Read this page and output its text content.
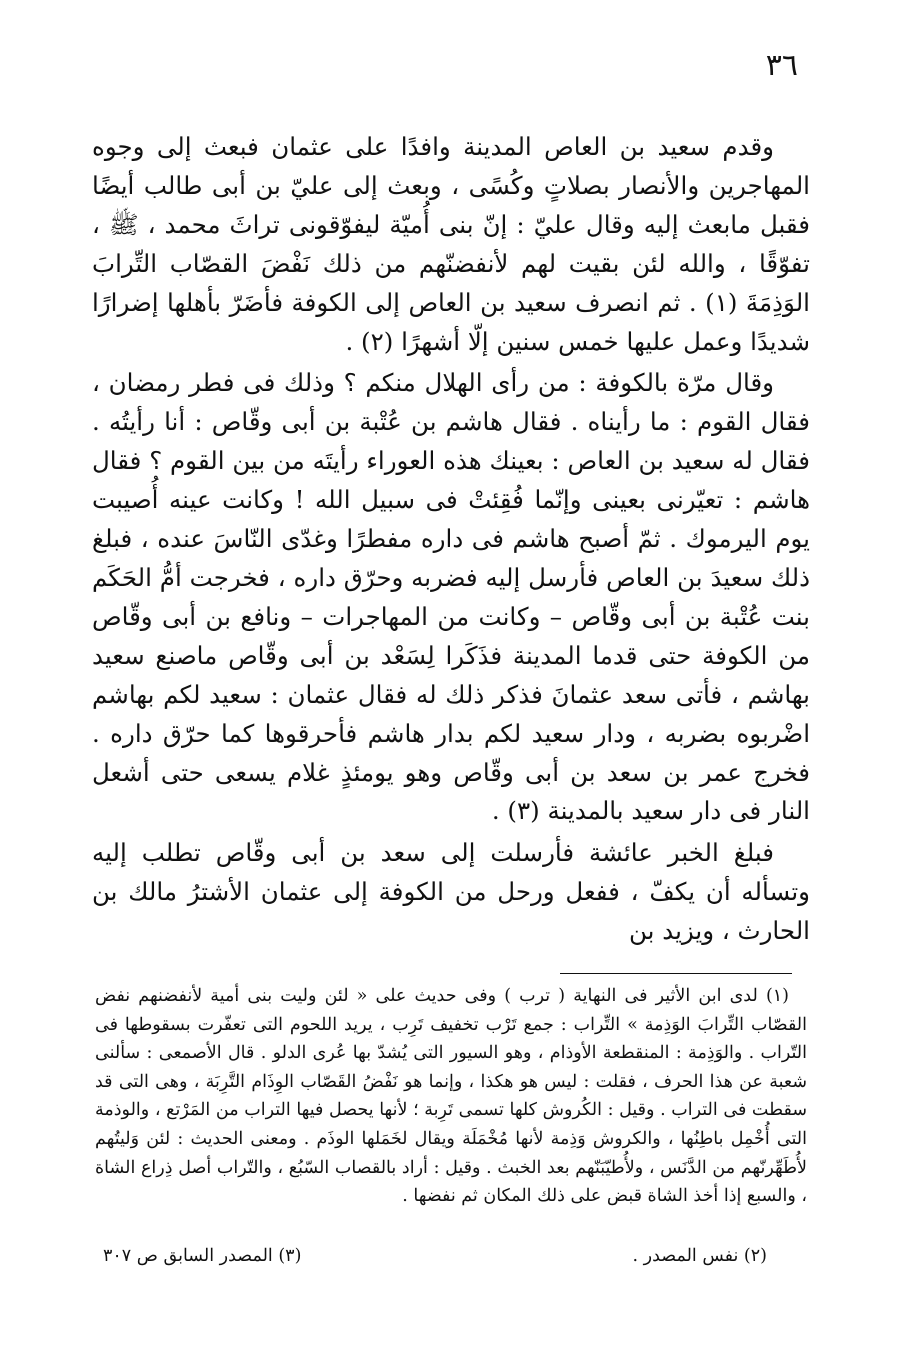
٣٦

وقدم سعيد بن العاص المدينة وافدًا على عثمان فبعث إلى وجوه المهاجرين والأنصار بصلاتٍ وكُسًى ، وبعث إلى عليّ بن أبى طالب أيضًا فقبل مابعث إليه وقال عليّ : إنّ بنى أُميّة ليفوّقونى تراثَ محمد ، ﷺ ، تفوّقًا ، والله لئن بقيت لهم لأنفضنّهم من ذلك نَفْضَ القصّاب التِّرابَ الوَذِمَةَ (١) . ثم انصرف سعيد بن العاص إلى الكوفة فأضَرّ بأهلها إضرارًا شديدًا وعمل عليها خمس سنين إلّا أشهرًا (٢) .

وقال مرّة بالكوفة : من رأى الهلال منكم ؟ وذلك فى فطر رمضان ، فقال القوم : ما رأيناه . فقال هاشم بن عُتْبة بن أبى وقّاص : أنا رأيتُه . فقال له سعيد بن العاص : بعينك هذه العوراء رأيتَه من بين القوم ؟ فقال هاشم : تعيّرنى بعينى وإنّما فُقِئتْ فى سبيل الله ! وكانت عينه أُصيبت يوم اليرموك . ثمّ أصبح هاشم فى داره مفطرًا وغدّى النّاسَ عنده ، فبلغ ذلك سعيدَ بن العاص فأرسل إليه فضربه وحرّق داره ، فخرجت أمُّ الحَكَم بنت عُتْبة بن أبى وقّاص – وكانت من المهاجرات – ونافع بن أبى وقّاص من الكوفة حتى قدما المدينة فذَكَرا لِسَعْد بن أبى وقّاص ماصنع سعيد بهاشم ، فأتى سعد عثمانَ فذكر ذلك له فقال عثمان : سعيد لكم بهاشم اضْربوه بضربه ، ودار سعيد لكم بدار هاشم فأحرقوها كما حرّق داره . فخرج عمر بن سعد بن أبى وقّاص وهو يومئذٍ غلام يسعى حتى أشعل النار فى دار سعيد بالمدينة (٣) .

فبلغ الخبر عائشة فأرسلت إلى سعد بن أبى وقّاص تطلب إليه وتسأله أن يكفّ ، ففعل ورحل من الكوفة إلى عثمان الأشترُ مالك بن الحارث ، ويزيد بن

(١) لدى ابن الأثير فى النهاية ( ترب ) وفى حديث على « لئن وليت بنى أمية لأنفضنهم نفض القصّاب التِّرابَ الوَذِمة » التِّراب : جمع تَرْب تخفيف تَرِب ، يريد اللحوم التى تعفّرت بسقوطها فى التّراب . والوَذِمة : المنقطعة الأوذام ، وهو السيور التى يُشدّ بها عُرى الدلو . قال الأصمعى : سألنى شعبة عن هذا الحرف ، فقلت : ليس هو هكذا ، وإنما هو نَفْضُ القَصّاب الوِذَام التَّرِبَة ، وهى التى قد سقطت فى التراب . وقيل : الكُروش كلها تسمى تَرِبة ؛ لأنها يحصل فيها التراب من المَرْتع ، والوذمة التى أُخْمِل باطِنُها ، والكروش وَذِمة لأنها مُخْمَلَة ويقال لخَمَلها الوذَم . ومعنى الحديث : لئن وَليتُهم لأُطَهِّرنّهم من الدَّنَس ، ولأُطيّبَنّهم بعد الخبث . وقيل : أراد بالقصاب السّبُع ، والتّراب أصل ذِراع الشاة ، والسبع إذا أخذ الشاة قبض على ذلك المكان ثم نفضها .

(٢) نفس المصدر .
(٣) المصدر السابق ص ٣٠٧
